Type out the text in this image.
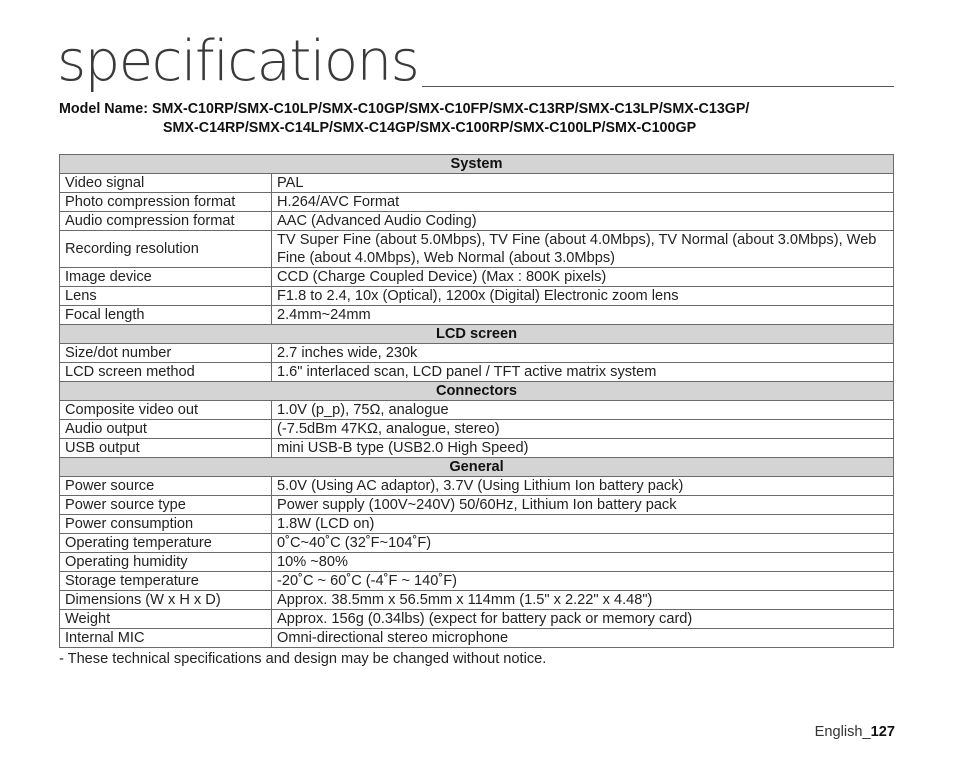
specifications
Model Name: SMX-C10RP/SMX-C10LP/SMX-C10GP/SMX-C10FP/SMX-C13RP/SMX-C13LP/SMX-C13GP/
SMX-C14RP/SMX-C14LP/SMX-C14GP/SMX-C100RP/SMX-C100LP/SMX-C100GP
System	
Video signal	PAL
Photo compression format	H.264/AVC Format
Audio compression format	AAC (Advanced Audio Coding)
Recording resolution	TV Super Fine (about 5.0Mbps), TV Fine (about 4.0Mbps), TV Normal (about 3.0Mbps), Web Fine (about 4.0Mbps), Web Normal (about 3.0Mbps)
Image device	CCD (Charge Coupled Device) (Max : 800K pixels)
Lens	F1.8 to 2.4, 10x (Optical), 1200x (Digital) Electronic zoom lens
Focal length	2.4mm~24mm
LCD screen	
Size/dot number	2.7 inches wide, 230k
LCD screen method	1.6" interlaced scan, LCD panel / TFT active matrix system
Connectors	
Composite video out	1.0V (p_p), 75Ω, analogue
Audio output	(-7.5dBm 47KΩ, analogue, stereo)
USB output	mini USB-B type (USB2.0 High Speed)
General	
Power source	5.0V (Using AC adaptor), 3.7V (Using Lithium Ion battery pack)
Power source type	Power supply (100V~240V) 50/60Hz, Lithium Ion battery pack
Power consumption	1.8W (LCD on)
Operating temperature	0˚C~40˚C (32˚F~104˚F)
Operating humidity	10% ~80%
Storage temperature	-20˚C ~ 60˚C (-4˚F ~ 140˚F)
Dimensions (W x H x D)	Approx. 38.5mm x 56.5mm x 114mm (1.5" x 2.22" x 4.48")
Weight	Approx. 156g (0.34lbs) (expect for battery pack or memory card)
Internal MIC	Omni-directional stereo microphone
- These technical specifications and design may be changed without notice.
English_127
